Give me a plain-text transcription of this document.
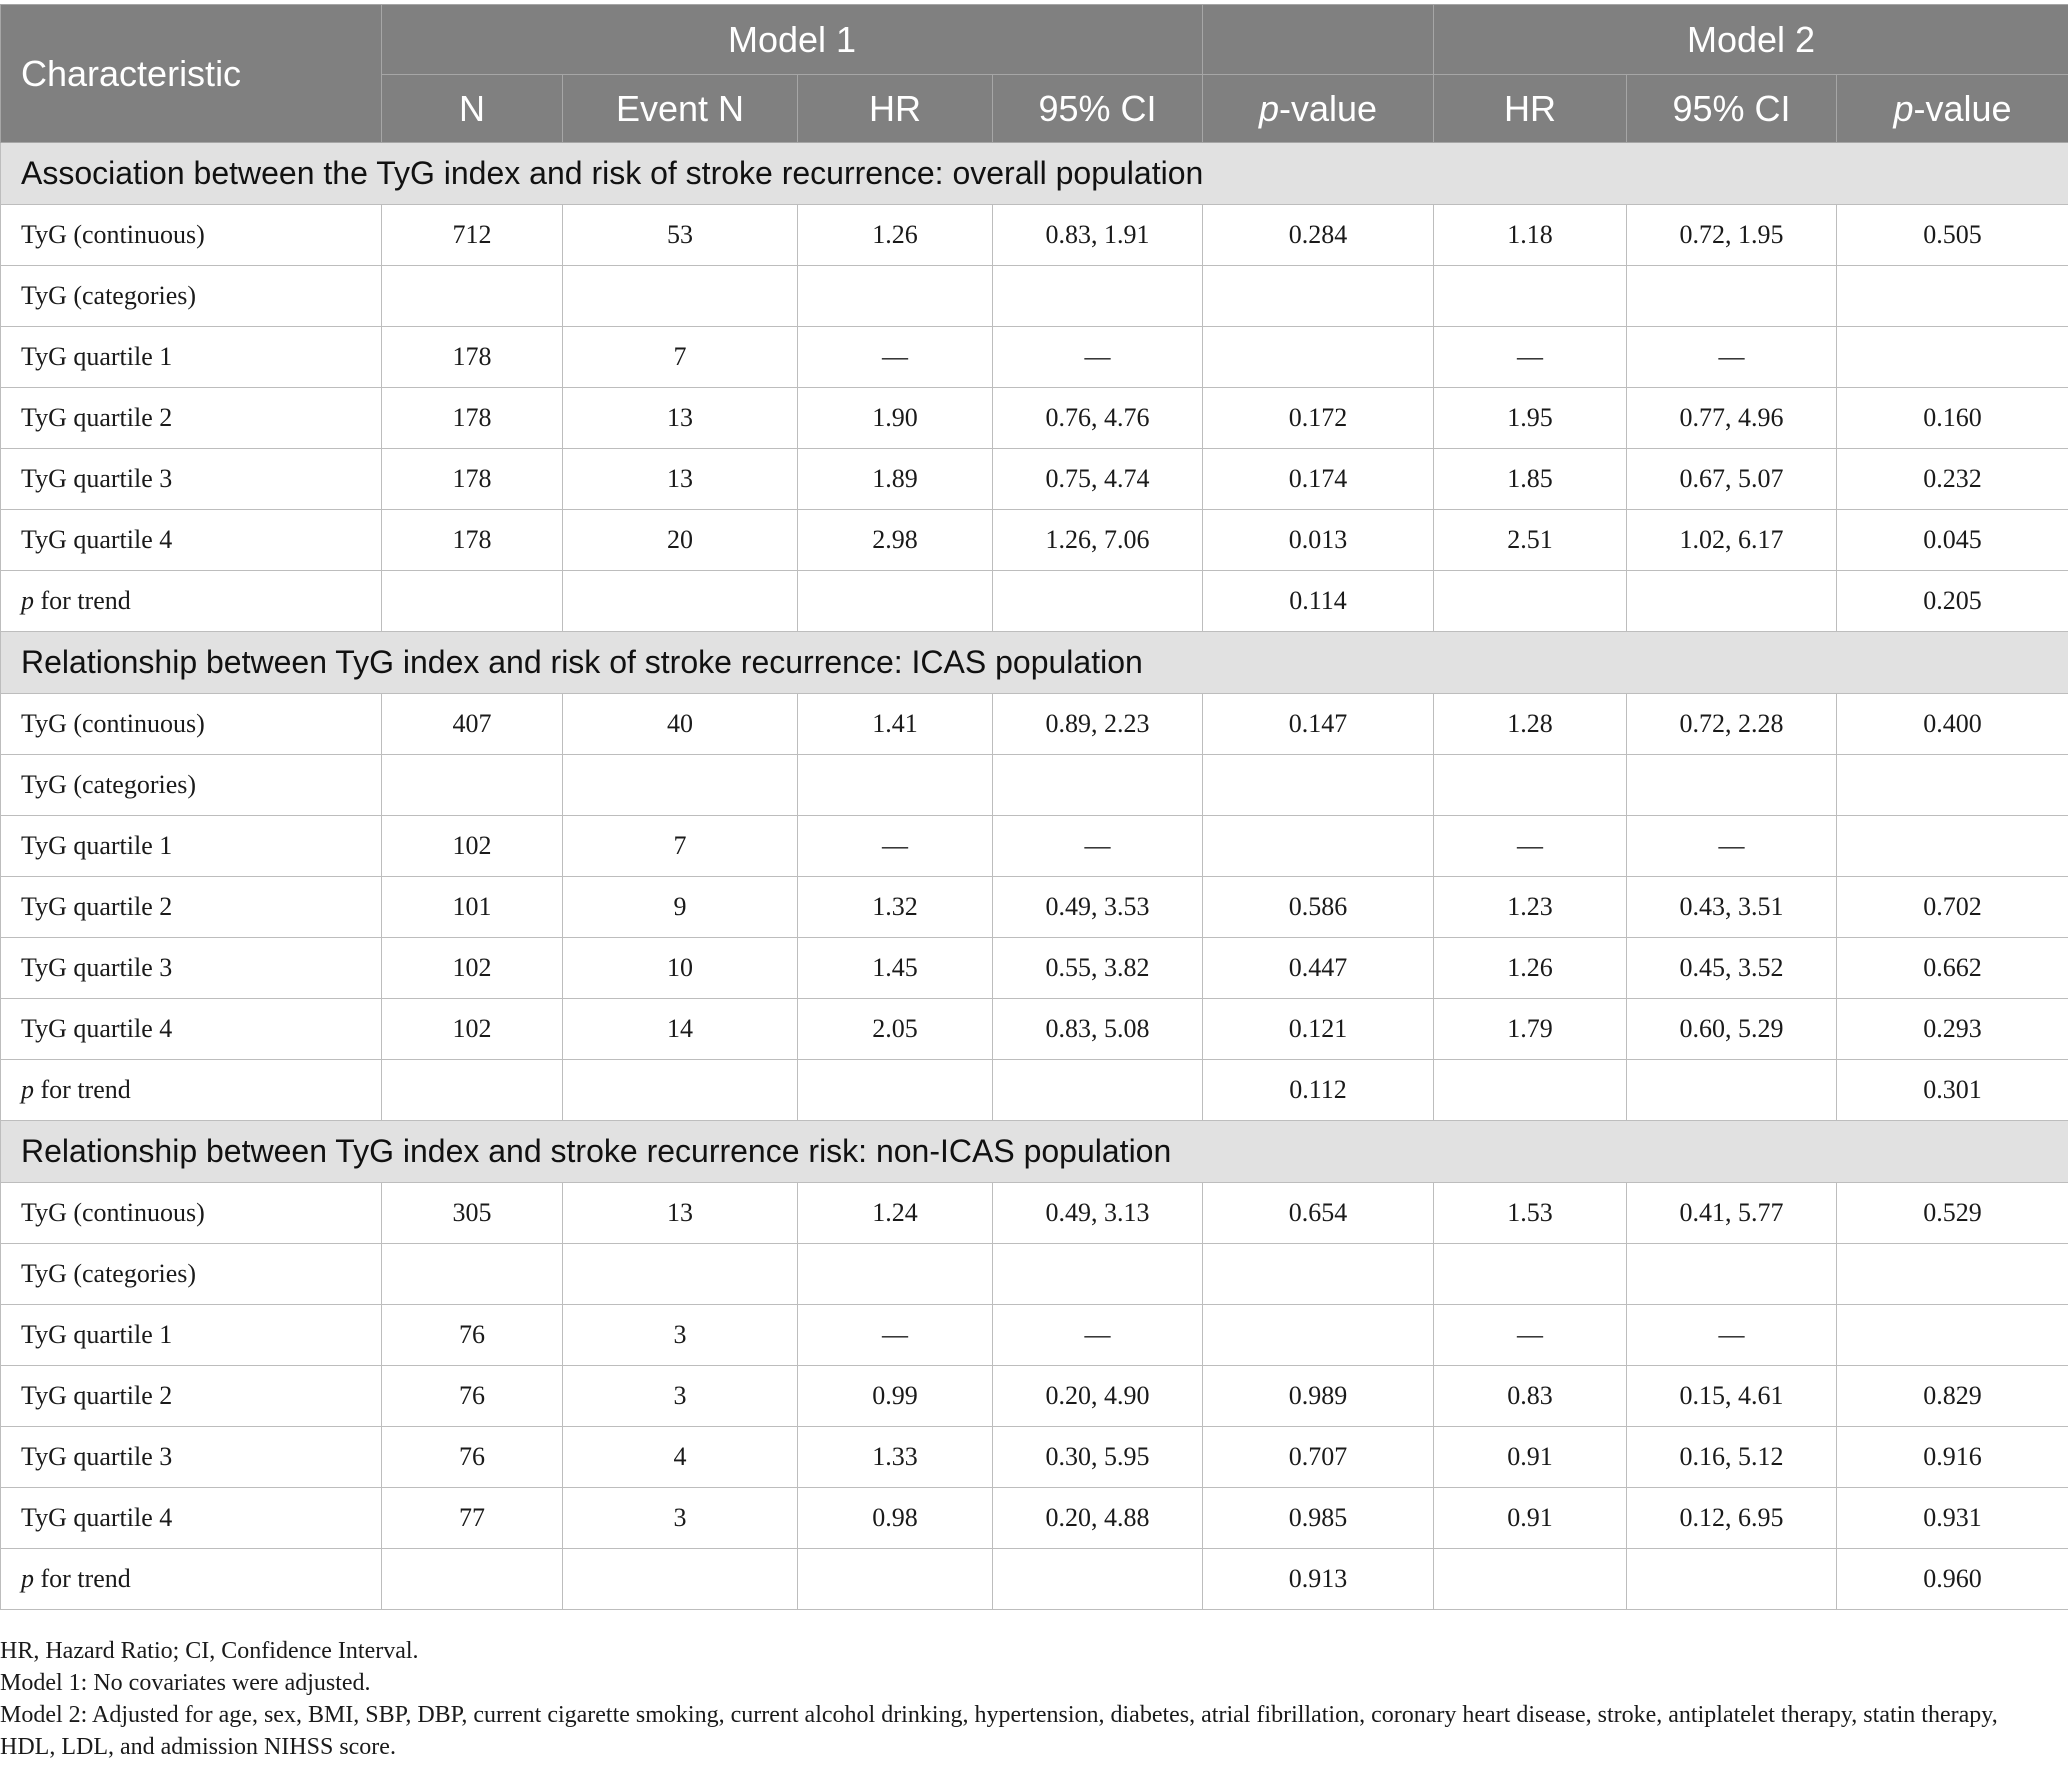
Characteristic	Model 1					Model 2		
	N	Event N	HR	95% CI	p-value	HR	95% CI	p-value
Association between the TyG index and risk of stroke recurrence: overall population								
TyG (continuous)	712	53	1.26	0.83, 1.91	0.284	1.18	0.72, 1.95	0.505
TyG (categories)								
TyG quartile 1	178	7	—	—		—	—	
TyG quartile 2	178	13	1.90	0.76, 4.76	0.172	1.95	0.77, 4.96	0.160
TyG quartile 3	178	13	1.89	0.75, 4.74	0.174	1.85	0.67, 5.07	0.232
TyG quartile 4	178	20	2.98	1.26, 7.06	0.013	2.51	1.02, 6.17	0.045
p for trend					0.114			0.205
Relationship between TyG index and risk of stroke recurrence: ICAS population								
TyG (continuous)	407	40	1.41	0.89, 2.23	0.147	1.28	0.72, 2.28	0.400
TyG (categories)								
TyG quartile 1	102	7	—	—		—	—	
TyG quartile 2	101	9	1.32	0.49, 3.53	0.586	1.23	0.43, 3.51	0.702
TyG quartile 3	102	10	1.45	0.55, 3.82	0.447	1.26	0.45, 3.52	0.662
TyG quartile 4	102	14	2.05	0.83, 5.08	0.121	1.79	0.60, 5.29	0.293
p for trend					0.112			0.301
Relationship between TyG index and stroke recurrence risk: non-ICAS population								
TyG (continuous)	305	13	1.24	0.49, 3.13	0.654	1.53	0.41, 5.77	0.529
TyG (categories)								
TyG quartile 1	76	3	—	—		—	—	
TyG quartile 2	76	3	0.99	0.20, 4.90	0.989	0.83	0.15, 4.61	0.829
TyG quartile 3	76	4	1.33	0.30, 5.95	0.707	0.91	0.16, 5.12	0.916
TyG quartile 4	77	3	0.98	0.20, 4.88	0.985	0.91	0.12, 6.95	0.931
p for trend					0.913			0.960

HR, Hazard Ratio; CI, Confidence Interval.

Model 1: No covariates were adjusted.

Model 2: Adjusted for age, sex, BMI, SBP, DBP, current cigarette smoking, current alcohol drinking, hypertension, diabetes, atrial fibrillation, coronary heart disease, stroke, antiplatelet therapy, statin therapy, HDL, LDL, and admission NIHSS score.
